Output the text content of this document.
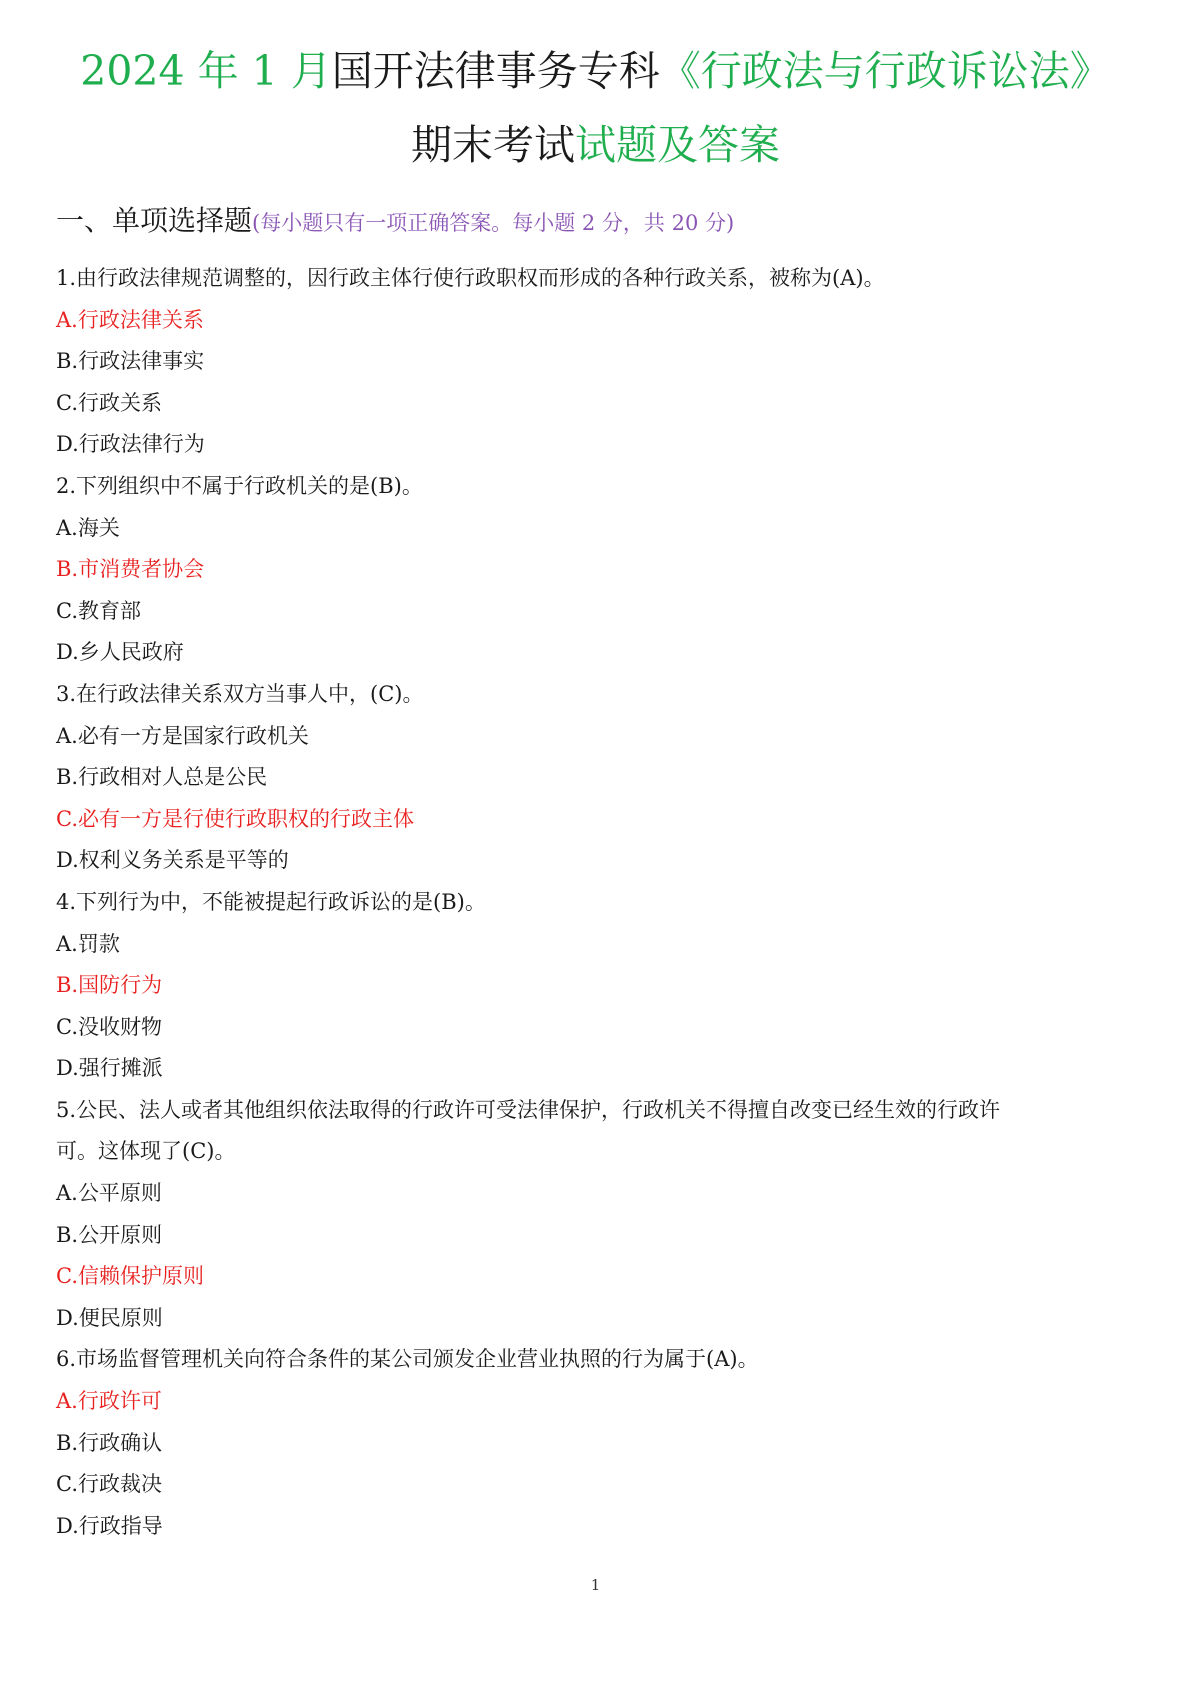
2024 年 1 月国开法律事务专科《行政法与行政诉讼法》
期末考试试题及答案
一、单项选择题(每小题只有一项正确答案。每小题 2 分，共 20 分)
1.由行政法律规范调整的，因行政主体行使行政职权而形成的各种行政关系，被称为(A)。
A.行政法律关系
B.行政法律事实
C.行政关系
D.行政法律行为
2.下列组织中不属于行政机关的是(B)。
A.海关
B.市消费者协会
C.教育部
D.乡人民政府
3.在行政法律关系双方当事人中，(C)。
A.必有一方是国家行政机关
B.行政相对人总是公民
C.必有一方是行使行政职权的行政主体
D.权利义务关系是平等的
4.下列行为中，不能被提起行政诉讼的是(B)。
A.罚款
B.国防行为
C.没收财物
D.强行摊派
5.公民、法人或者其他组织依法取得的行政许可受法律保护，行政机关不得擅自改变已经生效的行政许
可。这体现了(C)。
A.公平原则
B.公开原则
C.信赖保护原则
D.便民原则
6.市场监督管理机关向符合条件的某公司颁发企业营业执照的行为属于(A)。
A.行政许可
B.行政确认
C.行政裁决
D.行政指导
1
